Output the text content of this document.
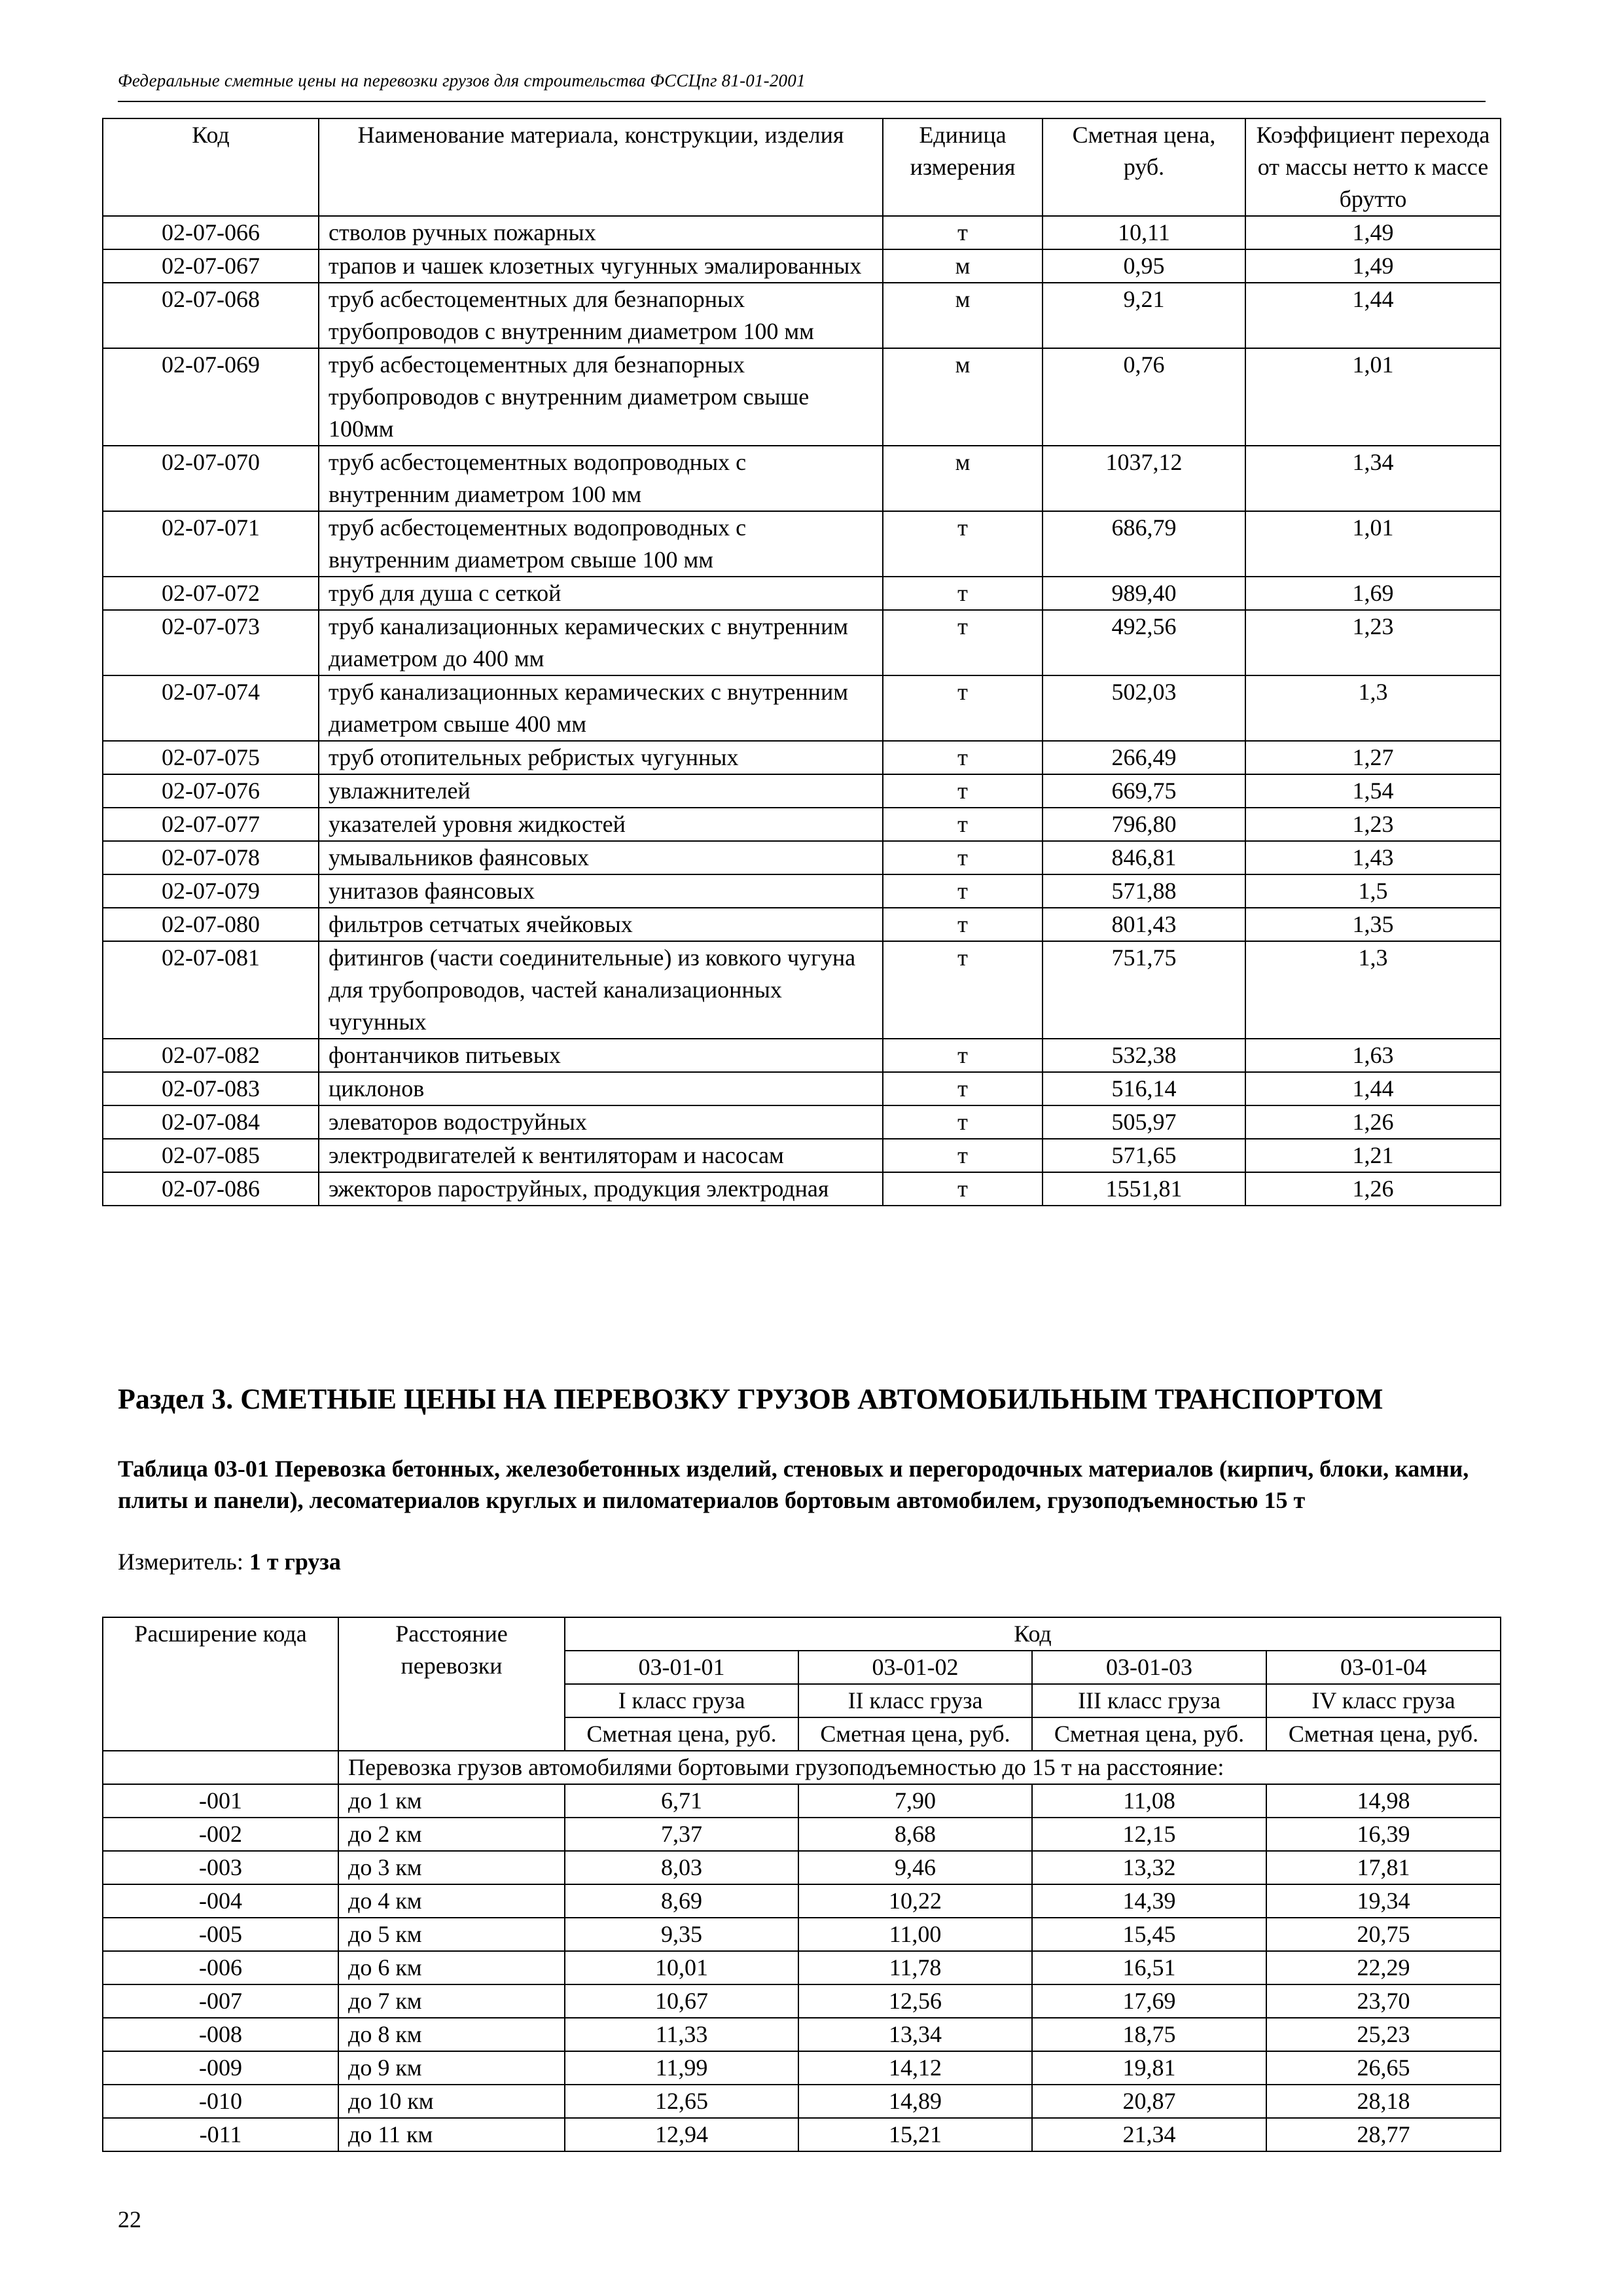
Федеральные сметные цены на перевозки грузов для строительства ФССЦпг 81-01-2001
Код	Наименование материала, конструкции, изделия	Единица измерения	Сметная цена, руб.	Коэффициент перехода от массы нетто к массе брутто
02-07-066	стволов ручных пожарных	т	10,11	1,49
02-07-067	трапов и чашек клозетных чугунных эмалированных	м	0,95	1,49
02-07-068	труб асбестоцементных для безнапорных трубопроводов с внутренним диаметром 100 мм	м	9,21	1,44
02-07-069	труб асбестоцементных для безнапорных трубопроводов с внутренним диаметром свыше 100мм	м	0,76	1,01
02-07-070	труб асбестоцементных водопроводных с внутренним диаметром 100 мм	м	1037,12	1,34
02-07-071	труб асбестоцементных водопроводных с внутренним диаметром свыше 100 мм	т	686,79	1,01
02-07-072	труб для душа с сеткой	т	989,40	1,69
02-07-073	труб канализационных керамических с внутренним диаметром до 400 мм	т	492,56	1,23
02-07-074	труб канализационных керамических с внутренним диаметром свыше 400 мм	т	502,03	1,3
02-07-075	труб отопительных ребристых чугунных	т	266,49	1,27
02-07-076	увлажнителей	т	669,75	1,54
02-07-077	указателей уровня жидкостей	т	796,80	1,23
02-07-078	умывальников фаянсовых	т	846,81	1,43
02-07-079	унитазов фаянсовых	т	571,88	1,5
02-07-080	фильтров сетчатых ячейковых	т	801,43	1,35
02-07-081	фитингов (части соединительные) из ковкого чугуна для трубопроводов, частей канализационных чугунных	т	751,75	1,3
02-07-082	фонтанчиков питьевых	т	532,38	1,63
02-07-083	циклонов	т	516,14	1,44
02-07-084	элеваторов водоструйных	т	505,97	1,26
02-07-085	электродвигателей к вентиляторам и насосам	т	571,65	1,21
02-07-086	эжекторов пароструйных, продукция электродная	т	1551,81	1,26
Раздел 3. СМЕТНЫЕ ЦЕНЫ НА ПЕРЕВОЗКУ ГРУЗОВ АВТОМОБИЛЬНЫМ ТРАНСПОРТОМ
Таблица 03-01 Перевозка бетонных, железобетонных изделий, стеновых и перегородочных материалов (кирпич, блоки, камни, плиты и панели), лесоматериалов круглых и пиломатериалов бортовым автомобилем, грузоподъемностью 15 т
Измеритель: 1 т груза
Расширение кода	Расстояние перевозки	Код			
		03-01-01	03-01-02	03-01-03	03-01-04
		I класс груза	II класс груза	III класс груза	IV класс груза
		Сметная цена, руб.	Сметная цена, руб.	Сметная цена, руб.	Сметная цена, руб.
	Перевозка грузов автомобилями бортовыми грузоподъемностью до 15 т на расстояние:				
-001	до 1 км	6,71	7,90	11,08	14,98
-002	до 2 км	7,37	8,68	12,15	16,39
-003	до 3 км	8,03	9,46	13,32	17,81
-004	до 4 км	8,69	10,22	14,39	19,34
-005	до 5 км	9,35	11,00	15,45	20,75
-006	до 6 км	10,01	11,78	16,51	22,29
-007	до 7 км	10,67	12,56	17,69	23,70
-008	до 8 км	11,33	13,34	18,75	25,23
-009	до 9 км	11,99	14,12	19,81	26,65
-010	до 10 км	12,65	14,89	20,87	28,18
-011	до 11 км	12,94	15,21	21,34	28,77
22
